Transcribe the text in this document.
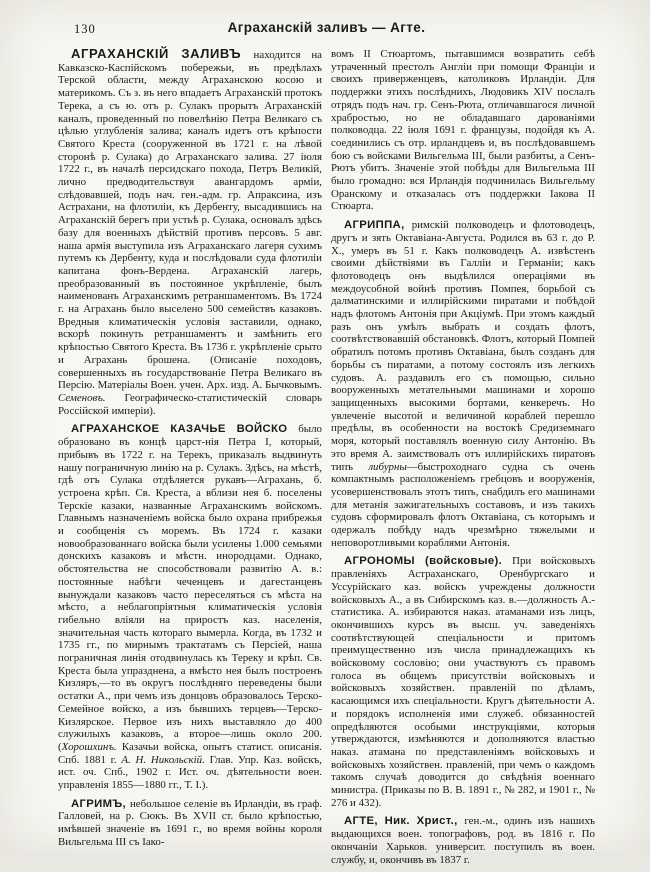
130	Аграханскій заливъ — Агте.

АГРАХАНСКІЙ ЗАЛИВЪ находится на Кавказско-Каспійскомъ побережьи, въ предѣлахъ Терской области, между Аграханскою косою и материкомъ. Съ з. въ него впадаетъ Аграханскій протокъ Терека, а съ ю. отъ р. Сулакъ прорытъ Аграханскій каналъ, проведенный по повелѣнію Петра Великаго съ цѣлью углубленія залива; каналъ идетъ отъ крѣпости Святого Креста (сооруженной въ 1721 г. на лѣвой сторонѣ р. Сулака) до Аграханскаго залива. 27 іюля 1722 г., въ началѣ персидскаго похода, Петръ Великій, лично предводительствуя авангардомъ арміи, слѣдовавшей, подъ нач. ген.-адм. гр. Апраксина, изъ Астрахани, на флотиліи, къ Дербенту, высадившись на Аграханскій берегъ при устьѣ р. Сулака, основалъ здѣсь базу для военныхъ дѣйствій противъ персовъ. 5 авг. наша армія выступила изъ Аграханскаго лагеря сухимъ путемъ къ Дербенту, куда и послѣдовали суда флотиліи капитана фонъ-Вердена. Аграханскій лагерь, преобразованный въ постоянное укрѣпленіе, былъ наименованъ Аграханскимъ ретраншаментомъ. Въ 1724 г. на Аграхань было выселено 500 семействъ казаковъ. Вредныя климатическія условія заставили, однако, вскорѣ покинуть ретраншаментъ и замѣнить его крѣпостью Святого Креста. Въ 1736 г. укрѣпленіе срыто и Аграхань брошена. (Описаніе походовъ, совершенныхъ въ государствованіе Петра Великаго въ Персію. Матеріалы Воен. учен. Арх. изд. А. Бычковымъ. Семеновъ. Географическо-статистическій словарь Россійской имперіи).

АГРАХАНСКОЕ КАЗАЧЬЕ ВОЙСКО было образовано въ концѣ царст-нія Петра I, который, прибывъ въ 1722 г. на Терекъ, приказалъ выдвинуть нашу пограничную линію на р. Сулакъ. Здѣсь, на мѣстѣ, гдѣ отъ Сулака отдѣляется рукавъ—Аграхань, б. устроена крѣп. Св. Креста, а вблизи нея б. поселены Терскіе казаки, названные Аграханскимъ войскомъ. Главнымъ назначеніемъ войска было охрана прибрежья и сообщенія съ моремъ. Въ 1724 г. казаки новообразованнаго войска были усилены 1.000 семьями донскихъ казаковъ и мѣстн. инородцами. Однако, обстоятельства не способствовали развитію А. в.: постоянные набѣги чеченцевъ и дагестанцевъ вынуждали казаковъ часто переселяться съ мѣста на мѣсто, а неблагопріятныя климатическія условія гибельно вліяли на приростъ каз. населенія, значительная часть котораго вымерла. Когда, въ 1732 и 1735 гг., по мирнымъ трактатамъ съ Персіей, наша пограничная линія отодвинулась къ Тереку и крѣп. Св. Креста была упразднена, а вмѣсто нея былъ построенъ Кизляръ,—то въ округъ послѣдняго переведены были остатки А., при чемъ изъ донцовъ образовалось Терско-Семейное войско, а изъ бывшихъ терцевъ—Терско-Кизлярское. Первое изъ нихъ выставляло до 400 служилыхъ казаковъ, а второе—лишь около 200. (Хорошхинъ. Казачьи войска, опытъ статист. описанія. Спб. 1881 г. А. Н. Никольскій. Глав. Упр. Каз. войскъ, ист. оч. Спб., 1902 г. Ист. оч. дѣятельности воен. управленія 1855—1880 гг., Т. I.).

АГРИМЪ, небольшое селеніе въ Ирландіи, въ граф. Галловей, на р. Сюкъ. Въ XVII ст. было крѣпостью, имѣвшей значеніе въ 1691 г., во время войны короля Вильгельма III съ Іако-

вомъ II Стюартомъ, пытавшимся возвратить себѣ утраченный престолъ Англіи при помощи Франціи и своихъ приверженцевъ, католиковъ Ирландіи. Для поддержки этихъ послѣднихъ, Людовикъ XIV послалъ отрядъ подъ нач. гр. Сенъ-Рюта, отличавшагося личной храбростью, но не обладавшаго дарованіями полководца. 22 іюля 1691 г. французы, подойдя къ А. соединились съ отр. ирландцевъ и, въ послѣдовавшемъ бою съ войсками Вильгельма III, были разбиты, а Сенъ-Рютъ убитъ. Значеніе этой побѣды для Вильгельма III было громадно: вся Ирландія подчинилась Вильгельму Оранскому и отказалась отъ поддержки Іакова II Стюарта.

АГРИППА, римскій полководецъ и флотоводецъ, другъ и зять Октавіана-Августа. Родился въ 63 г. до Р. Х., умеръ въ 51 г. Какъ полководецъ А. извѣстенъ своими дѣйствіями въ Галліи и Германіи; какъ флотоводецъ онъ выдѣлился операціями въ междоусобной войнѣ противъ Помпея, борьбой съ далматинскими и иллирійскими пиратами и побѣдой надъ флотомъ Антонія при Акціумѣ. При этомъ каждый разъ онъ умѣлъ выбрать и создать флотъ, соотвѣтствовавшій обстановкѣ. Флотъ, который Помпей обратилъ потомъ противъ Октавіана, былъ созданъ для борьбы съ пиратами, а потому состоялъ изъ легкихъ судовъ. А. раздавилъ его съ помощью, сильно вооруженныхъ метательными машинами и хорошо защищенныхъ высокими бортами, кенкеречъ. Но увлеченіе высотой и величиной кораблей перешло предѣлы, въ особенности на востокѣ Средиземнаго моря, который поставлялъ военную силу Антонію. Въ это время А. заимствовалъ отъ иллирійскихъ пиратовъ типъ либурны—быстроходнаго судна съ очень компактнымъ расположеніемъ гребцовъ и вооруженія, усовершенствовалъ этотъ типъ, снабдилъ его машинами для метанія зажигательныхъ составовъ, и изъ такихъ судовъ сформировалъ флотъ Октавіана, съ которымъ и одержалъ побѣду надъ чрезмѣрно тяжелыми и неповоротливыми кораблями Антонія.

АГРОНОМЫ (войсковые). При войсковыхъ правленіяхъ Астраханскаго, Оренбургскаго и Уссурійскаго каз. войскъ учреждены должности войсковыхъ А., а въ Сибирскомъ каз. в.—должность А.-статистика. А. избираются наказ. атаманами изъ лицъ, окончившихъ курсъ въ высш. уч. заведеніяхъ соотвѣтствующей спеціальности и притомъ преимущественно изъ числа принадлежащихъ къ войсковому сословію; они участвуютъ съ правомъ голоса въ общемъ присутствіи войсковыхъ и войсковыхъ хозяйствен. правленій по дѣламъ, касающимся ихъ спеціальности. Кругъ дѣятельности А. и порядокъ исполненія ими служеб. обязанностей опредѣляются особыми инструкціями, которыя утверждаются, измѣняются и дополняются властью наказ. атамана по представленіямъ войсковыхъ и войсковыхъ хозяйствен. правленій, при чемъ о каждомъ такомъ случаѣ доводится до свѣдѣнія военнаго министра. (Приказы по В. В. 1891 г., № 282, и 1901 г., № 276 и 432).

АГТЕ, Ник. Христ., ген.-м., одинъ изъ нашихъ выдающихся воен. топографовъ, род. въ 1816 г. По окончаніи Харьков. университ. поступилъ въ воен. службу, и, окончивъ въ 1837 г.
